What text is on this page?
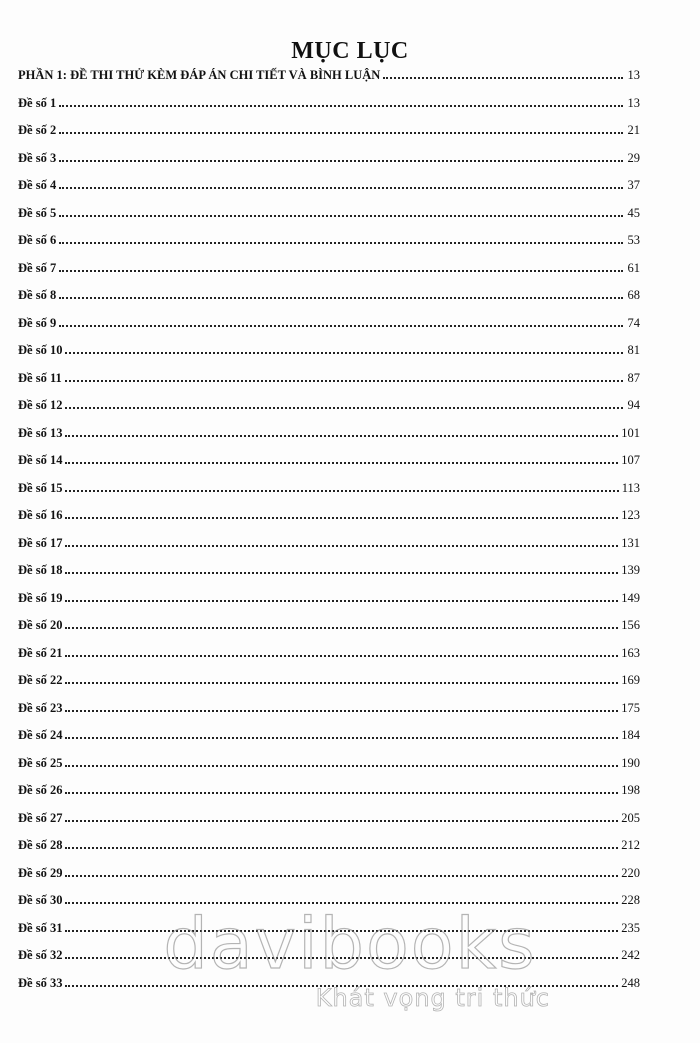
MỤC LỤC
PHẦN 1: ĐỀ THI THỬ KÈM ĐÁP ÁN CHI TIẾT VÀ BÌNH LUẬN	13
Đề số 1	13
Đề số 2	21
Đề số 3	29
Đề số 4	37
Đề số 5	45
Đề số 6	53
Đề số 7	61
Đề số 8	68
Đề số 9	74
Đề số 10	81
Đề số 11	87
Đề số 12	94
Đề số 13	101
Đề số 14	107
Đề số 15	113
Đề số 16	123
Đề số 17	131
Đề số 18	139
Đề số 19	149
Đề số 20	156
Đề số 21	163
Đề số 22	169
Đề số 23	175
Đề số 24	184
Đề số 25	190
Đề số 26	198
Đề số 27	205
Đề số 28	212
Đề số 29	220
Đề số 30	228
Đề số 31	235
Đề số 32	242
Đề số 33	248
davibooks
Khát vọng tri thức
